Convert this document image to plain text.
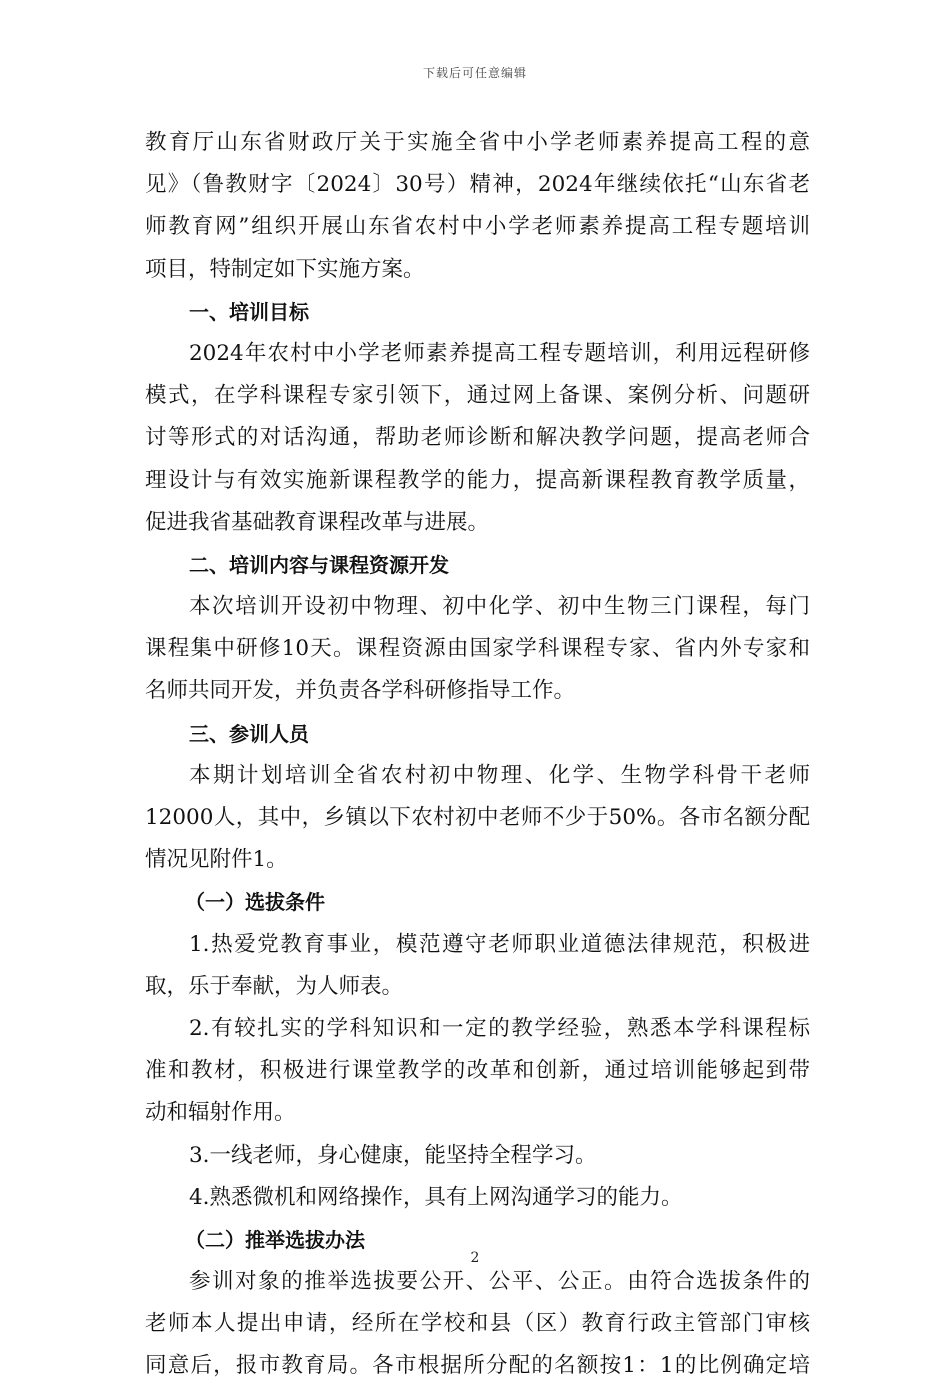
下载后可任意编辑
教育厅山东省财政厅关于实施全省中小学老师素养提高工程的意
见》（鲁教财字〔2024〕30号）精神，2024年继续依托“山东省老
师教育网”组织开展山东省农村中小学老师素养提高工程专题培训
项目，特制定如下实施方案。
一、培训目标
2024年农村中小学老师素养提高工程专题培训，利用远程研修
模式，在学科课程专家引领下，通过网上备课、案例分析、问题研
讨等形式的对话沟通，帮助老师诊断和解决教学问题，提高老师合
理设计与有效实施新课程教学的能力，提高新课程教育教学质量，
促进我省基础教育课程改革与进展。
二、培训内容与课程资源开发
本次培训开设初中物理、初中化学、初中生物三门课程，每门
课程集中研修10天。课程资源由国家学科课程专家、省内外专家和
名师共同开发，并负责各学科研修指导工作。
三、参训人员
本期计划培训全省农村初中物理、化学、生物学科骨干老师
12000人，其中，乡镇以下农村初中老师不少于50%。各市名额分配
情况见附件1。
（一）选拔条件
1.热爱党教育事业，模范遵守老师职业道德法律规范，积极进
取，乐于奉献，为人师表。
2.有较扎实的学科知识和一定的教学经验，熟悉本学科课程标
准和教材，积极进行课堂教学的改革和创新，通过培训能够起到带
动和辐射作用。
3.一线老师，身心健康，能坚持全程学习。
4.熟悉微机和网络操作，具有上网沟通学习的能力。
（二）推举选拔办法
参训对象的推举选拔要公开、公平、公正。由符合选拔条件的
老师本人提出申请，经所在学校和县（区）教育行政主管部门审核
同意后，报市教育局。各市根据所分配的名额按1：1的比例确定培
2
